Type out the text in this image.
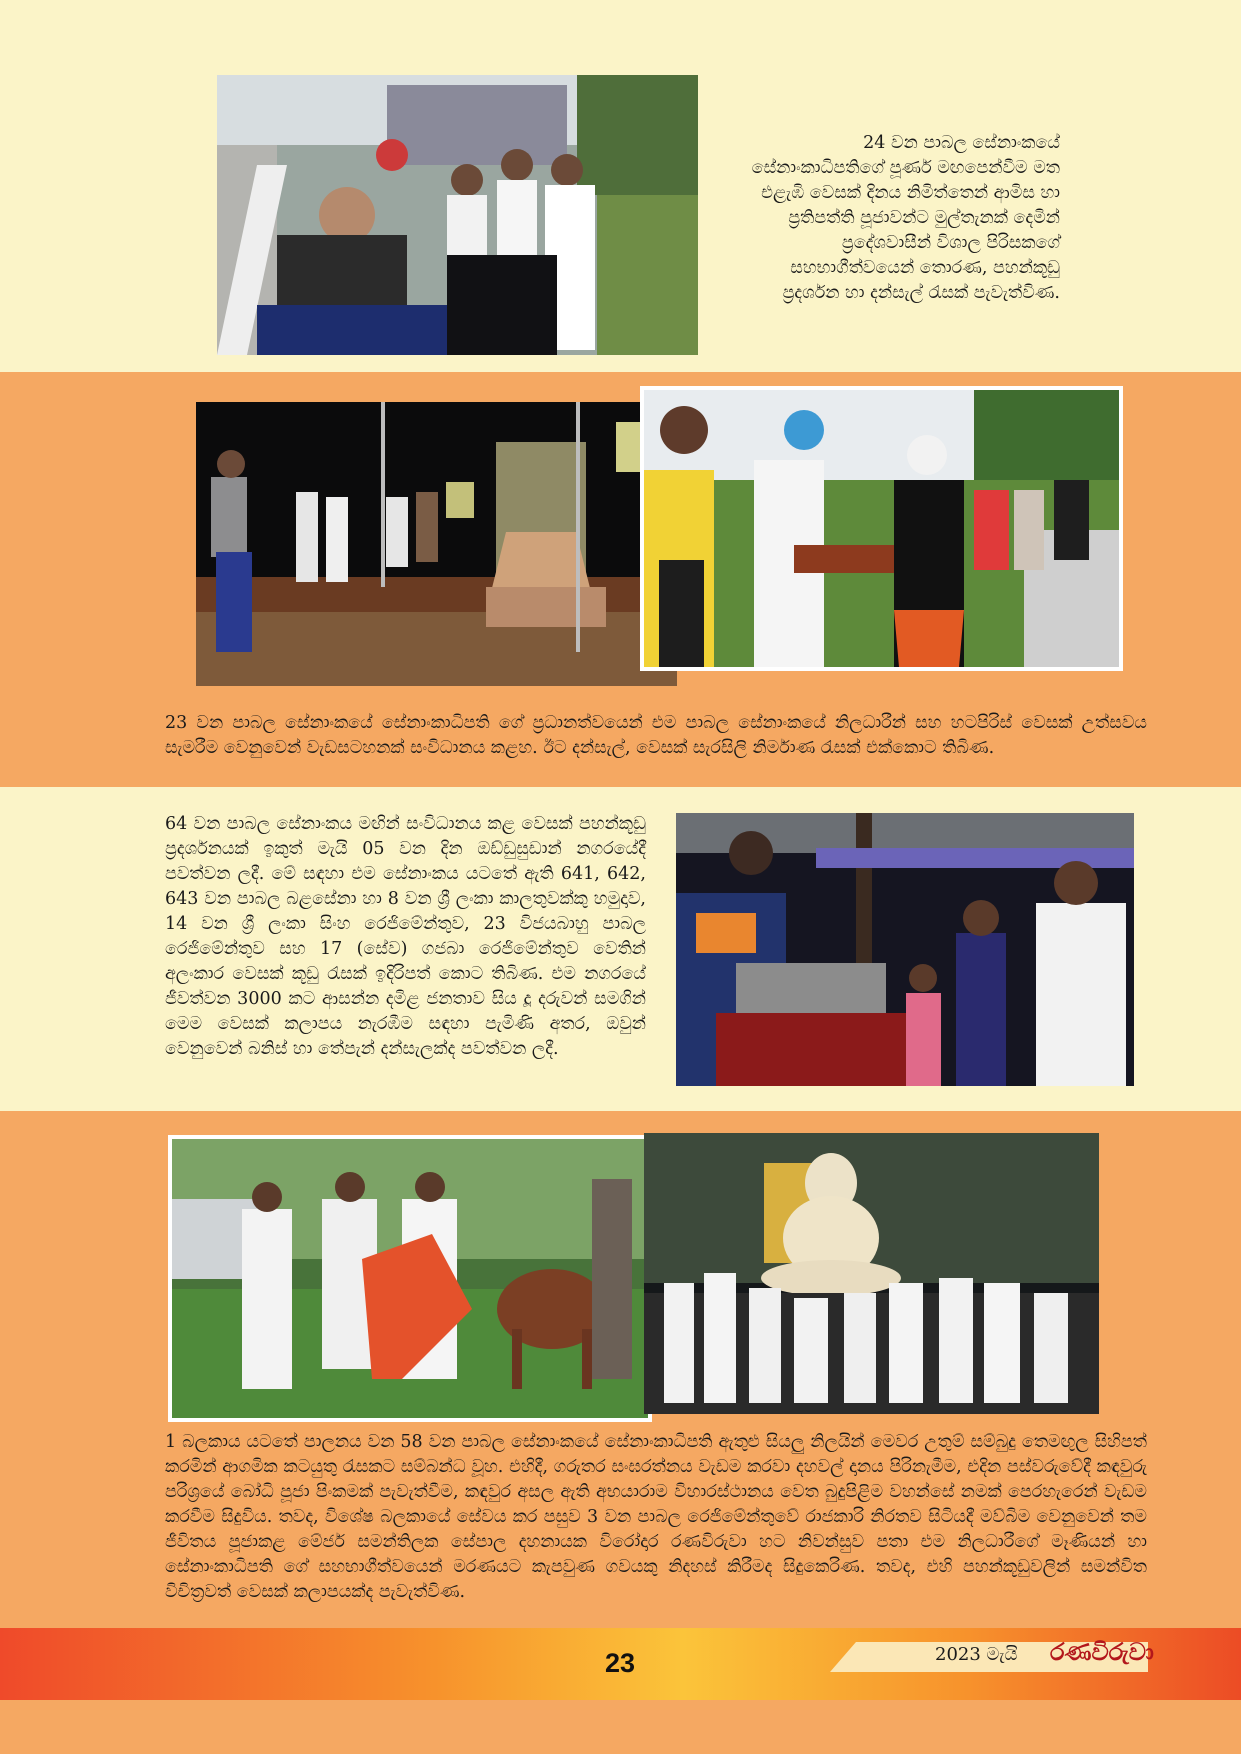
24 වන පාබල සේනාංකයේ සේනාංකාධිපතිගේ පූර්ණ මඟපෙන්වීම මත එළැඹි වෙසක් දිනය නිමිත්තෙන් ආමිස හා ප්‍රතිපත්ති පූජාවන්ට මුල්තැනක් දෙමින් ප්‍රදේශවාසීන් විශාල පිරිසකගේ සහභාගීත්වයෙන් තොරණ, පහන්කූඩු ප්‍රදර්ශන හා දන්සැල් රැසක් පැවැත්විණ.
23 වන පාබල සේනාංකයේ සේනාංකාධිපති ගේ ප්‍රධානත්වයෙන් එම පාබල සේනාංකයේ නිලධාරීන් සහ හටපිරිස් වෙසක් උත්සවය සැමරීම වෙනුවෙන් වැඩසටහනක් සංවිධානය කළහ. ඊට දන්සැල්, වෙසක් සැරසිලි නිර්මාණ රැසක් එක්කොට තිබිණ.
64 වන පාබල සේනාංකය මඟින් සංවිධානය කළ වෙසක් පහන්කූඩු ප්‍රදර්ශනයක් ඉකුත් මැයි 05 වන දින ඔඩ්ඩුසුඩාන් නගරයේදී පවත්වන ලදී. මේ සඳහා එම සේනාංකය යටතේ ඇති 641, 642, 643 වන පාබල බළසේනා හා 8 වන ශ්‍රී ලංකා කාලතුවක්කු හමුදාව, 14 වන ශ්‍රී ලංකා සිංහ රෙජිමේන්තුව, 23 විජයබාහු පාබල රෙජිමේන්තුව සහ 17 (සේව) ගජබා රෙජිමේන්තුව වෙතින් අලංකාර වෙසක් කූඩු රැසක් ඉදිරිපත් කොට තිබිණ. එම නගරයේ ජීවත්වන 3000 කට ආසන්න දමිළ ජනතාව සිය දූ දරුවන් සමගින් මෙම වෙසක් කලාපය නැරඹීම සඳහා පැමිණි අතර, ඔවුන් වෙනුවෙන් බනිස් හා තේපැන් දන්සැලක්ද පවත්වන ලදී.
1 බලකාය යටතේ පාලනය වන 58 වන පාබල සේනාංකයේ සේනාංකාධිපති ඇතුළු සියලු නිලයින් මෙවර උතුම් සම්බුදු තෙමඟුල සිහිපත් කරමින් ආගමික කටයුතු රැසකට සම්බන්ධ වූහ. එහිදී, ගරුතර සංඝරත්නය වැඩම කරවා දහවල් දානය පිරිනැමීම, එදින පස්වරුවේදී කඳවුරු පරිශ්‍රයේ බෝධි පූජා පිංකමක් පැවැත්වීම, කඳවුර අසල ඇති අභයාරාම විහාරස්ථානය වෙත බුදුපිළිම වහන්සේ නමක් පෙරහැරෙන් වැඩම කරවීම සිදුවිය. තවද, විශේෂ බලකායේ සේවය කර පසුව 3 වන පාබල රෙජිමේන්තුවේ රාජකාරි නිරතව සිටියදී මව්බිම වෙනුවෙන් තම ජීවිතය පූජාකළ මේජර් සමන්තිලක සේපාල දහනායක විරෝදාර රණවිරුවා හට නිවන්සුව පතා එම නිලධාරීගේ මෑණියන් හා සේනාංකාධිපති ගේ සහභාගීත්වයෙන් මරණයට කැපවුණ ගවයකු නිදහස් කිරීමද සිදුකෙරිණ. තවද, එහි පහන්කූඩුවලින් සමන්විත විචිත්‍රවත් වෙසක් කලාපයක්ද පැවැත්විණ.
23	2023 මැයි රණවිරුවා
